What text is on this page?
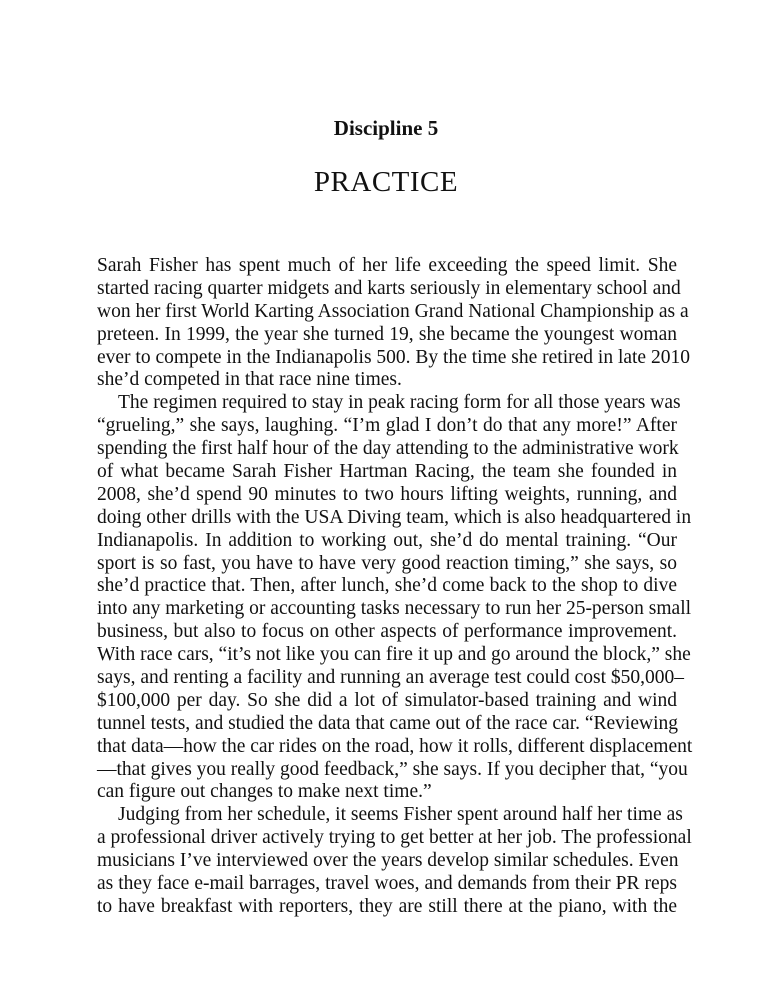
Discipline 5
PRACTICE
Sarah Fisher has spent much of her life exceeding the speed limit. She
started racing quarter midgets and karts seriously in elementary school and
won her first World Karting Association Grand National Championship as a
preteen. In 1999, the year she turned 19, she became the youngest woman
ever to compete in the Indianapolis 500. By the time she retired in late 2010
she’d competed in that race nine times.
The regimen required to stay in peak racing form for all those years was
“grueling,” she says, laughing. “I’m glad I don’t do that any more!” After
spending the first half hour of the day attending to the administrative work
of what became Sarah Fisher Hartman Racing, the team she founded in
2008, she’d spend 90 minutes to two hours lifting weights, running, and
doing other drills with the USA Diving team, which is also headquartered in
Indianapolis. In addition to working out, she’d do mental training. “Our
sport is so fast, you have to have very good reaction timing,” she says, so
she’d practice that. Then, after lunch, she’d come back to the shop to dive
into any marketing or accounting tasks necessary to run her 25-person small
business, but also to focus on other aspects of performance improvement.
With race cars, “it’s not like you can fire it up and go around the block,” she
says, and renting a facility and running an average test could cost $50,000–
$100,000 per day. So she did a lot of simulator-based training and wind
tunnel tests, and studied the data that came out of the race car. “Reviewing
that data—how the car rides on the road, how it rolls, different displacement
—that gives you really good feedback,” she says. If you decipher that, “you
can figure out changes to make next time.”
Judging from her schedule, it seems Fisher spent around half her time as
a professional driver actively trying to get better at her job. The professional
musicians I’ve interviewed over the years develop similar schedules. Even
as they face e-mail barrages, travel woes, and demands from their PR reps
to have breakfast with reporters, they are still there at the piano, with the
